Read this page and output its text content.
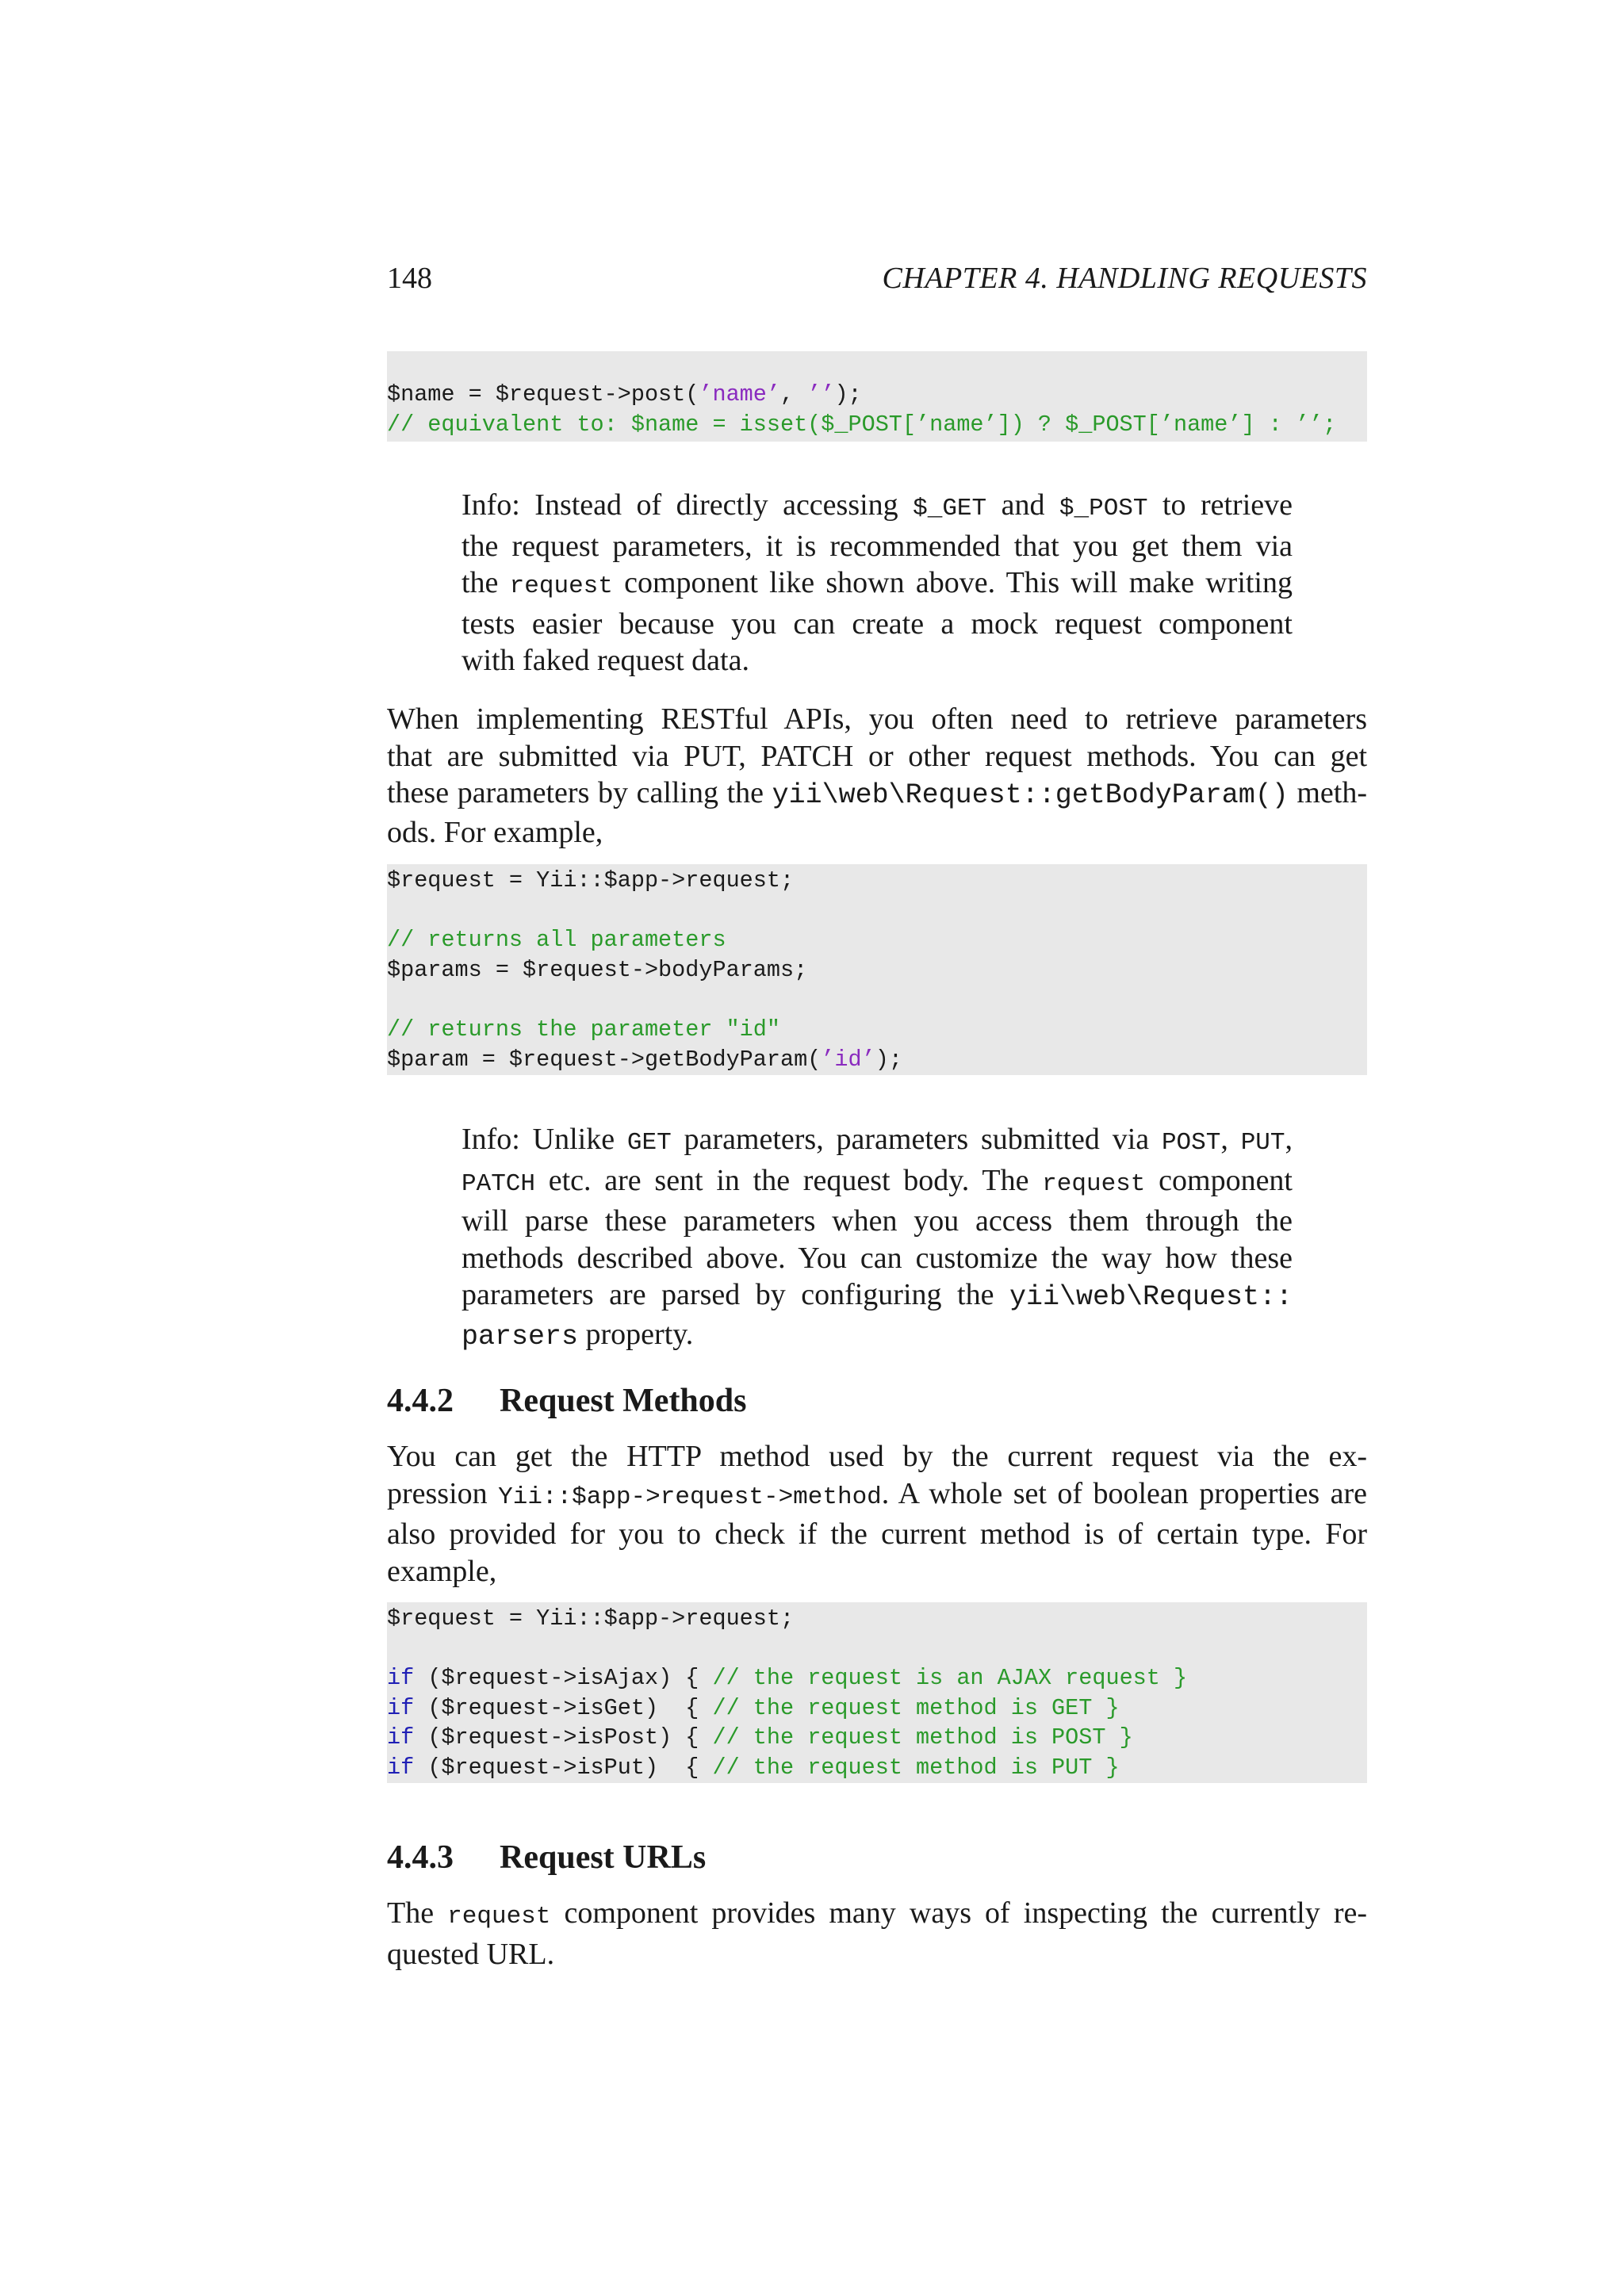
148	CHAPTER 4. HANDLING REQUESTS
$name = $request->post(’name’, ’’);
// equivalent to: $name = isset($_POST[’name’]) ? $_POST[’name’] : ’’;
Info: Instead of directly accessing $_GET and $_POST to retrieve
the request parameters, it is recommended that you get them via
the request component like shown above. This will make writing
tests easier because you can create a mock request component
with faked request data.
When implementing RESTful APIs, you often need to retrieve parameters
that are submitted via PUT, PATCH or other request methods. You can get
these parameters by calling the yii\web\Request::getBodyParam() meth-
ods. For example,
$request = Yii::$app->request;
// returns all parameters
$params = $request->bodyParams;
// returns the parameter "id"
$param = $request->getBodyParam(’id’);
Info: Unlike GET parameters, parameters submitted via POST, PUT,
PATCH etc. are sent in the request body. The request component
will parse these parameters when you access them through the
methods described above. You can customize the way how these
parameters are parsed by configuring the yii\web\Request::
parsers property.
4.4.2 Request Methods
You can get the HTTP method used by the current request via the ex-
pression Yii::$app->request->method. A whole set of boolean properties are
also provided for you to check if the current method is of certain type. For
example,
$request = Yii::$app->request;
if ($request->isAjax) { // the request is an AJAX request }
if ($request->isGet)  { // the request method is GET }
if ($request->isPost) { // the request method is POST }
if ($request->isPut)  { // the request method is PUT }
4.4.3 Request URLs
The request component provides many ways of inspecting the currently re-
quested URL.
